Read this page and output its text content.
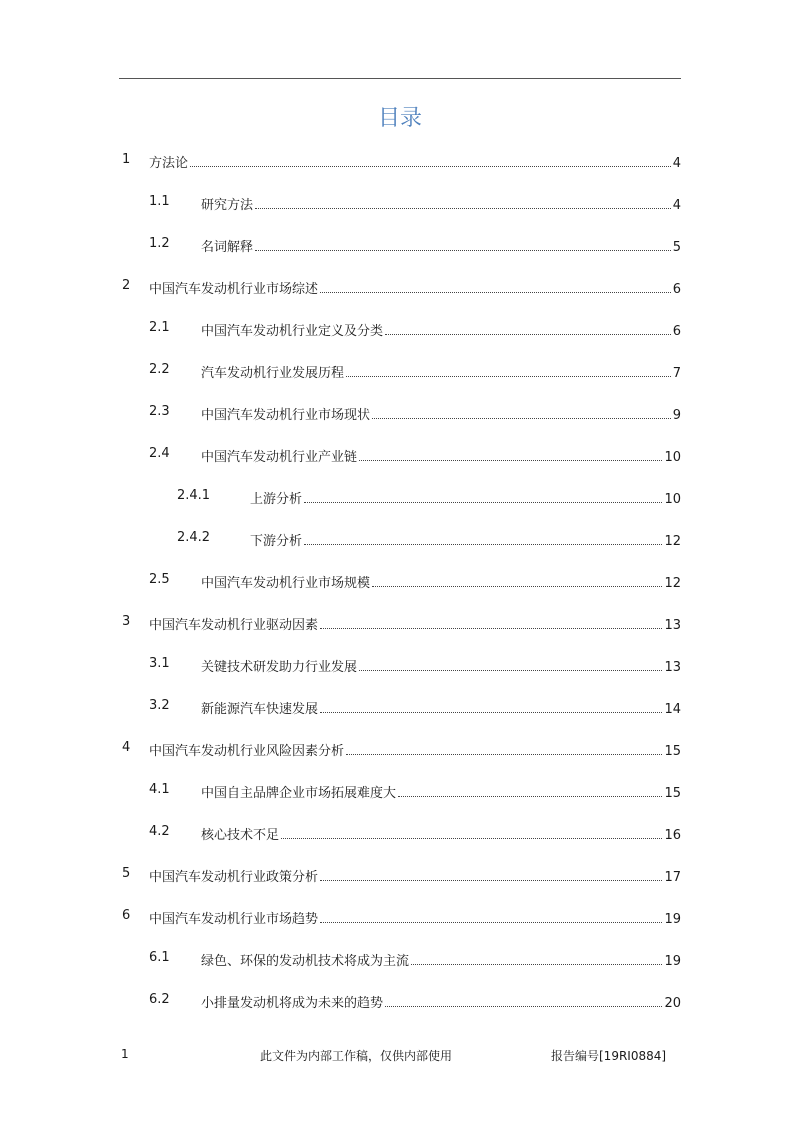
目录
1 方法论	4
1.1 研究方法	4
1.2 名词解释	5
2 中国汽车发动机行业市场综述	6
2.1 中国汽车发动机行业定义及分类	6
2.2 汽车发动机行业发展历程	7
2.3 中国汽车发动机行业市场现状	9
2.4 中国汽车发动机行业产业链	10
2.4.1	上游分析	10
2.4.2	下游分析	12
2.5 中国汽车发动机行业市场规模	12
3 中国汽车发动机行业驱动因素	13
3.1 关键技术研发助力行业发展	13
3.2 新能源汽车快速发展	14
4 中国汽车发动机行业风险因素分析	15
4.1 中国自主品牌企业市场拓展难度大	15
4.2 核心技术不足	16
5 中国汽车发动机行业政策分析	17
6 中国汽车发动机行业市场趋势	19
6.1 绿色、环保的发动机技术将成为主流	19
6.2 小排量发动机将成为未来的趋势	20
1	此文件为内部工作稿，仅供内部使用	报告编号[19RI0884]
